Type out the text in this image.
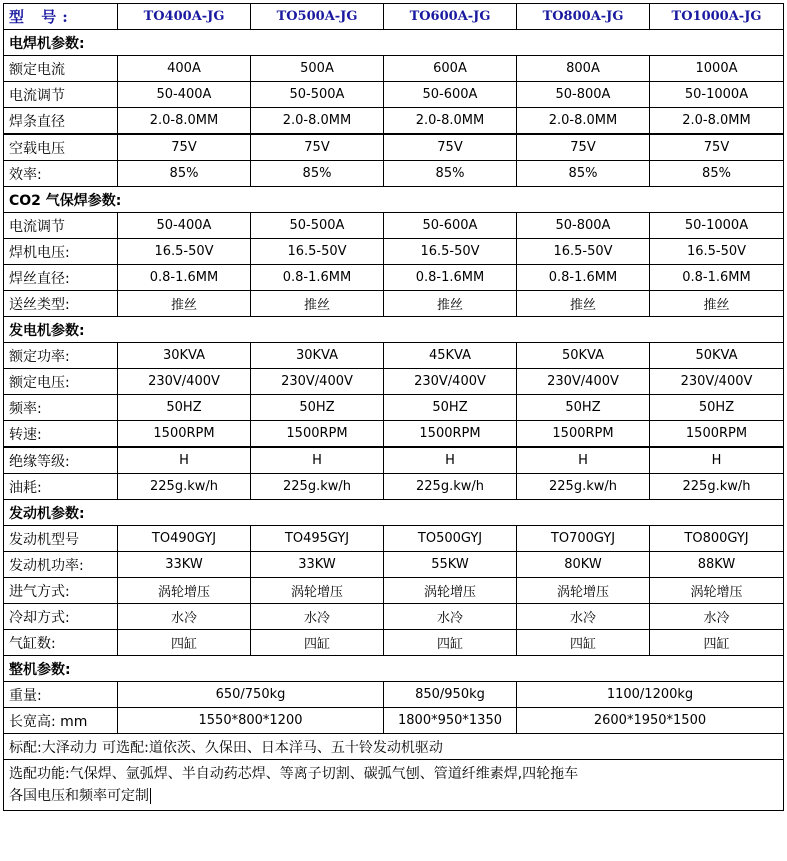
型 号:	TO400A-JG	TO500A-JG	TO600A-JG	TO800A-JG	TO1000A-JG
电焊机参数:					
额定电流	400A	500A	600A	800A	1000A
电流调节	50-400A	50-500A	50-600A	50-800A	50-1000A
焊条直径	2.0-8.0MM	2.0-8.0MM	2.0-8.0MM	2.0-8.0MM	2.0-8.0MM
空载电压	75V	75V	75V	75V	75V
效率:	85%	85%	85%	85%	85%
CO2 气保焊参数:					
电流调节	50-400A	50-500A	50-600A	50-800A	50-1000A
焊机电压:	16.5-50V	16.5-50V	16.5-50V	16.5-50V	16.5-50V
焊丝直径:	0.8-1.6MM	0.8-1.6MM	0.8-1.6MM	0.8-1.6MM	0.8-1.6MM
送丝类型:	推丝	推丝	推丝	推丝	推丝
发电机参数:					
额定功率:	30KVA	30KVA	45KVA	50KVA	50KVA
额定电压:	230V/400V	230V/400V	230V/400V	230V/400V	230V/400V
频率:	50HZ	50HZ	50HZ	50HZ	50HZ
转速:	1500RPM	1500RPM	1500RPM	1500RPM	1500RPM
绝缘等级:	H	H	H	H	H
油耗:	225g.kw/h	225g.kw/h	225g.kw/h	225g.kw/h	225g.kw/h
发动机参数:					
发动机型号	TO490GYJ	TO495GYJ	TO500GYJ	TO700GYJ	TO800GYJ
发动机功率:	33KW	33KW	55KW	80KW	88KW
进气方式:	涡轮增压	涡轮增压	涡轮增压	涡轮增压	涡轮增压
冷却方式:	水冷	水冷	水冷	水冷	水冷
气缸数:	四缸	四缸	四缸	四缸	四缸
整机参数:					
重量:	650/750kg		850/950kg	1100/1200kg	
长宽高: mm	1550*800*1200		1800*950*1350	2600*1950*1500	
标配:大泽动力 可选配:道依茨、久保田、日本洋马、五十铃发动机驱动					

选配功能:气保焊、氩弧焊、半自动药芯焊、等离子切割、碳弧气刨、管道纤维素焊,四轮拖车
各国电压和频率可定制					
